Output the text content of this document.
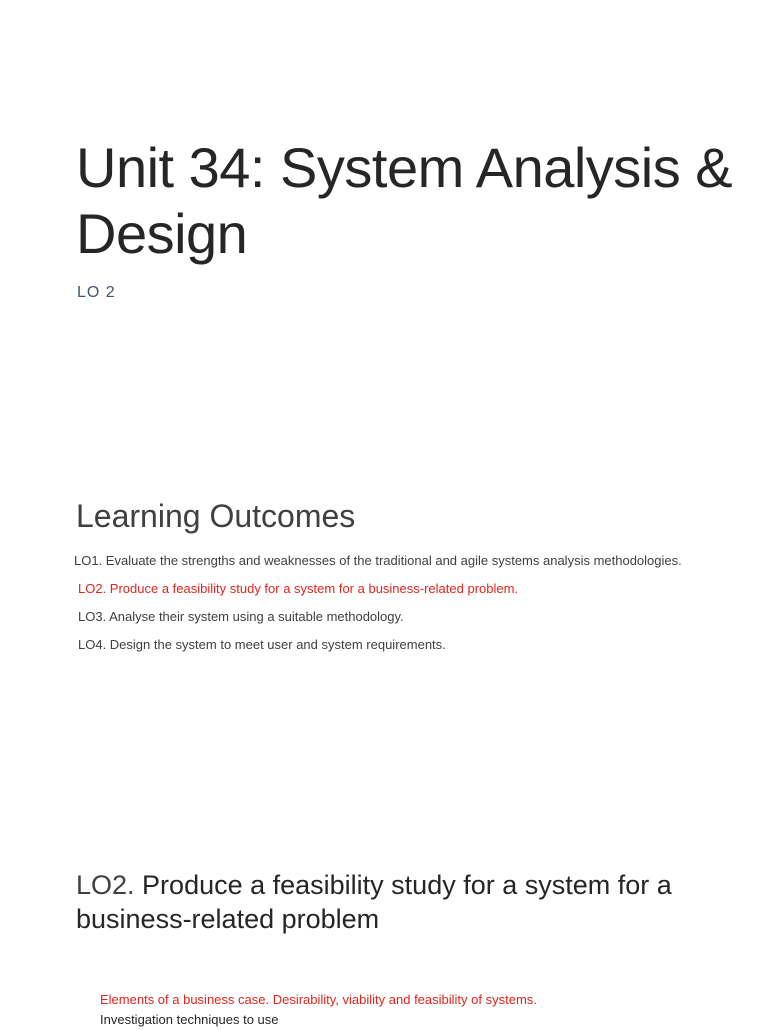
Unit 34: System Analysis & Design

LO 2

Learning Outcomes
LO1. Evaluate the strengths and weaknesses of the traditional and agile systems analysis methodologies.
LO2. Produce a feasibility study for a system for a business-related problem.
LO3. Analyse their system using a suitable methodology.
LO4. Design the system to meet user and system requirements.
LO2. Produce a feasibility study for a system for a business-related problem
Elements of a business case. Desirability, viability and feasibility of systems.
Investigation techniques to use
